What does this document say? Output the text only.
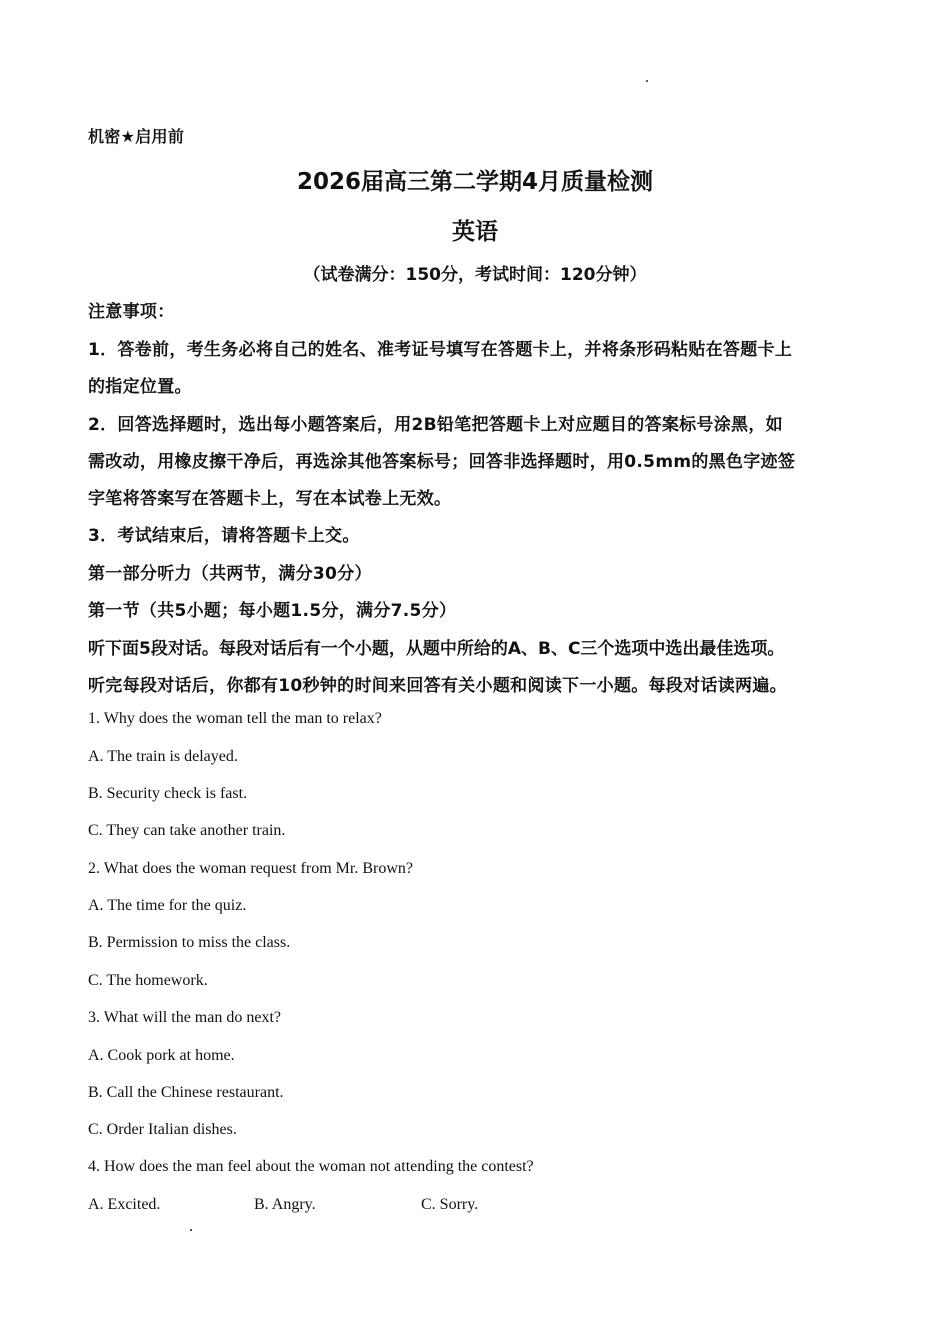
机密★启用前
2026届高三第二学期4月质量检测
英语
（试卷满分：150分，考试时间：120分钟）
注意事项：
1．答卷前，考生务必将自己的姓名、准考证号填写在答题卡上，并将条形码粘贴在答题卡上
的指定位置。
2．回答选择题时，选出每小题答案后，用2B铅笔把答题卡上对应题目的答案标号涂黑，如
需改动，用橡皮擦干净后，再选涂其他答案标号；回答非选择题时，用0.5mm的黑色字迹签
字笔将答案写在答题卡上，写在本试卷上无效。
3．考试结束后，请将答题卡上交。
第一部分听力（共两节，满分30分）
第一节（共5小题；每小题1.5分，满分7.5分）
听下面5段对话。每段对话后有一个小题，从题中所给的A、B、C三个选项中选出最佳选项。
听完每段对话后，你都有10秒钟的时间来回答有关小题和阅读下一小题。每段对话读两遍。
1. Why does the woman tell the man to relax?
A. The train is delayed.
B. Security check is fast.
C. They can take another train.
2. What does the woman request from Mr. Brown?
A. The time for the quiz.
B. Permission to miss the class.
C. The homework.
3. What will the man do next?
A. Cook pork at home.
B. Call the Chinese restaurant.
C. Order Italian dishes.
4. How does the man feel about the woman not attending the contest?
A. Excited.	B. Angry.	C. Sorry.
